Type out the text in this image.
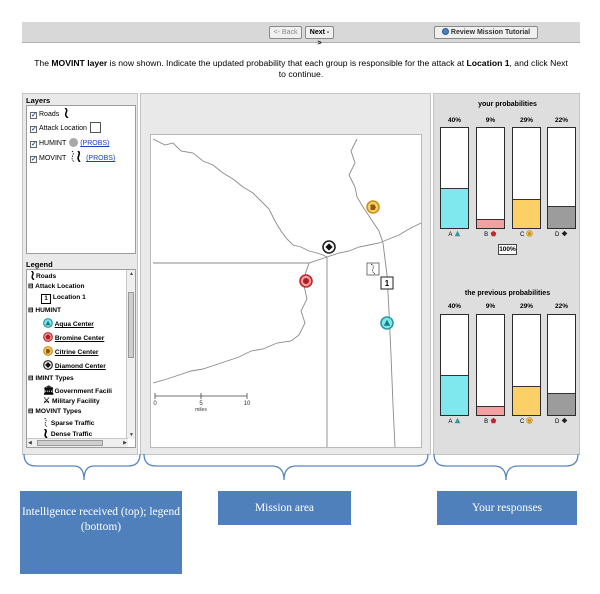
<- Back	Next ->
Review Mission Tutorial
The MOVINT layer is now shown. Indicate the updated probability that each group is responsible for the attack at Location 1, and click Next to continue.
Layers
✓ Roads
✓ Attack Location
✓ HUMINT (PROBS)
✓ MOVINT	(PROBS)
Legend
Roads
⊟ Attack Location
1 Location 1
⊟ HUMINT
Aqua Center
Bromine Center
Citrine Center
Diamond Center
⊟ IMINT Types
🏛Government Facili
⚔ Military Facility
⊟ MOVINT Types
Sparse Traffic
Dense Traffic
▲
▼
◀	▶
1
0	5	10
miles
your probabilities
40%
A
9%
B
29%
C
22%
D
100%
the previous probabilities
40%
A
9%
B
29%
C
22%
D
Intelligence received (top); legend (bottom)
Mission area	Your responses
